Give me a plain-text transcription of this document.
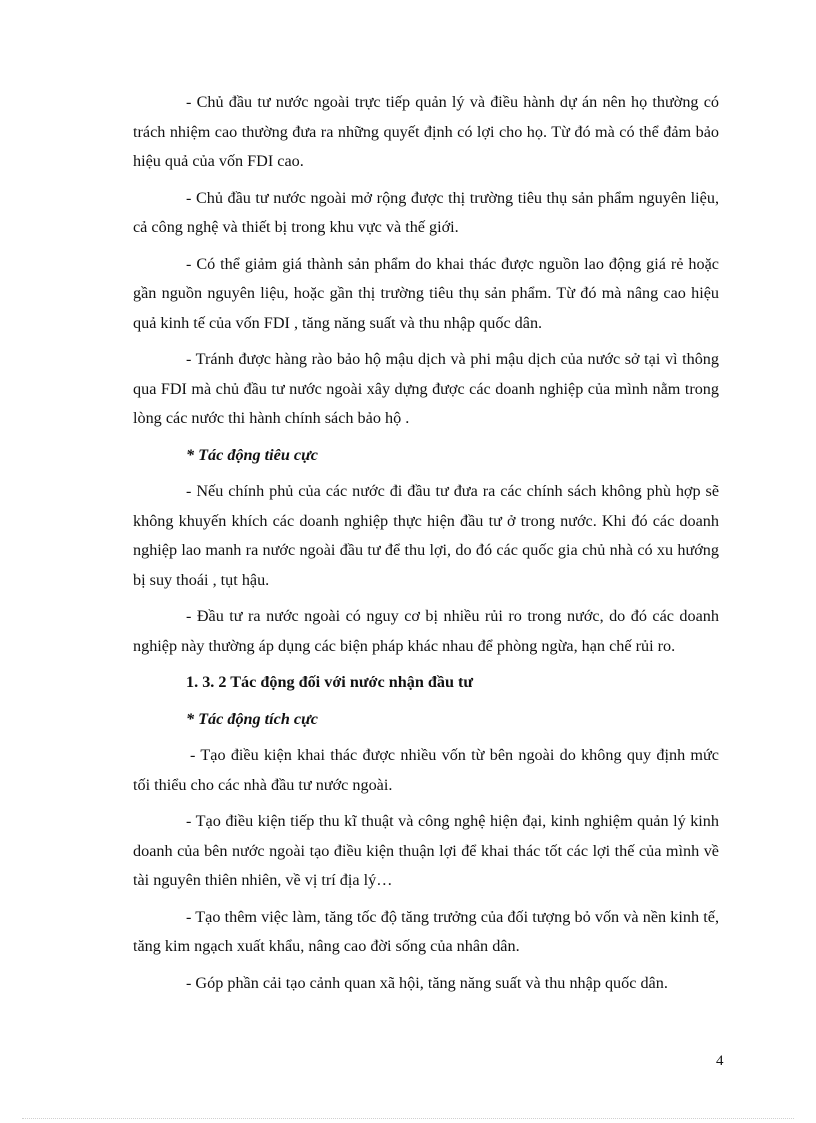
- Chủ đầu tư nước ngoài trực tiếp quản lý và điều hành dự án nên họ thường có trách nhiệm cao thường đưa ra những quyết định có lợi cho họ. Từ đó mà có thể đảm bảo hiệu quả của vốn FDI cao.

- Chủ đầu tư nước ngoài mở rộng được thị trường tiêu thụ sản phẩm nguyên liệu, cả công nghệ và thiết bị trong khu vực và thế giới.

- Có thể giảm giá thành sản phẩm do khai thác được nguồn lao động giá rẻ hoặc gần nguồn nguyên liệu, hoặc gần thị trường tiêu thụ sản phẩm. Từ đó mà nâng cao hiệu quả kinh tế của vốn FDI , tăng năng suất và thu nhập quốc dân.

- Tránh được hàng rào bảo hộ mậu dịch và phi mậu dịch của nước sở tại vì thông qua FDI mà chủ đầu tư nước ngoài xây dựng được các doanh nghiệp của mình nằm trong lòng các nước thi hành chính sách bảo hộ .

* Tác động tiêu cực

- Nếu chính phủ của các nước đi đầu tư đưa ra các chính sách không phù hợp sẽ không khuyến khích các doanh nghiệp thực hiện đầu tư ở trong nước. Khi đó các doanh nghiệp lao manh ra nước ngoài đầu tư để thu lợi, do đó các quốc gia chủ nhà có xu hướng bị suy thoái , tụt hậu.

- Đầu tư ra nước ngoài có nguy cơ bị nhiều rủi ro trong nước, do đó các doanh nghiệp này thường áp dụng các biện pháp khác nhau để phòng ngừa, hạn chế rủi ro.

1. 3. 2 Tác động đối với nước nhận đầu tư

* Tác động tích cực

- Tạo điều kiện khai thác được nhiều vốn từ bên ngoài do không quy định mức tối thiểu cho các nhà đầu tư nước ngoài.

- Tạo điều kiện tiếp thu kĩ thuật và công nghệ hiện đại, kinh nghiệm quản lý kinh doanh của bên nước ngoài tạo điều kiện thuận lợi để khai thác tốt các lợi thế của mình về tài nguyên thiên nhiên, về vị trí địa lý…

- Tạo thêm việc làm, tăng tốc độ tăng trưởng của đối tượng bỏ vốn và nền kinh tế, tăng kim ngạch xuất khẩu, nâng cao đời sống của nhân dân.

- Góp phần cải tạo cảnh quan xã hội, tăng năng suất và thu nhập quốc dân.

4
